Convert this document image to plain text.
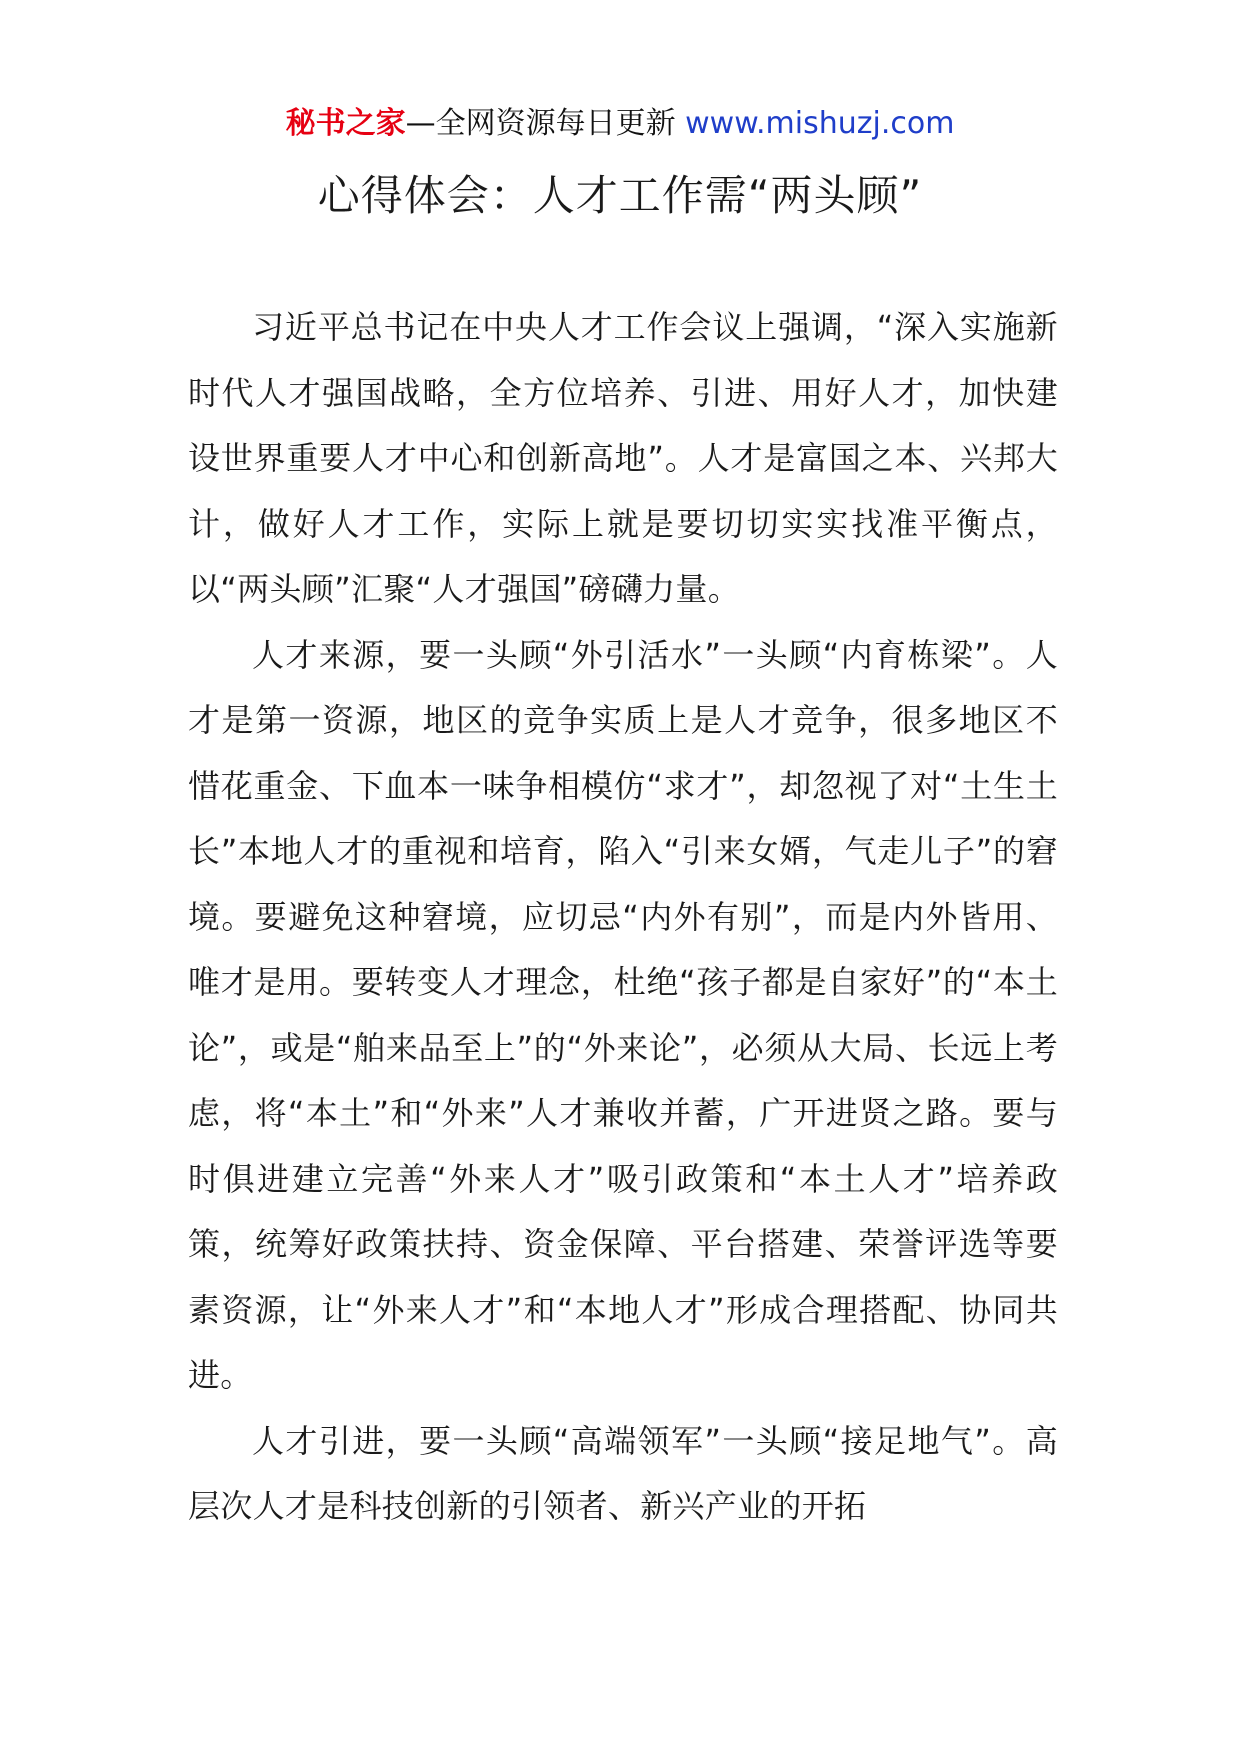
秘书之家—全网资源每日更新 www.mishuzj.com
心得体会：人才工作需“两头顾”

习近平总书记在中央人才工作会议上强调，“深入实施新时代人才强国战略，全方位培养、引进、用好人才，加快建设世界重要人才中心和创新高地”。人才是富国之本、兴邦大计，做好人才工作，实际上就是要切切实实找准平衡点，以“两头顾”汇聚“人才强国”磅礴力量。

人才来源，要一头顾“外引活水”一头顾“内育栋梁”。人才是第一资源，地区的竞争实质上是人才竞争，很多地区不惜花重金、下血本一味争相模仿“求才”，却忽视了对“土生土长”本地人才的重视和培育，陷入“引来女婿，气走儿子”的窘境。要避免这种窘境，应切忌“内外有别”，而是内外皆用、唯才是用。要转变人才理念，杜绝“孩子都是自家好”的“本土论”，或是“舶来品至上”的“外来论”，必须从大局、长远上考虑，将“本土”和“外来”人才兼收并蓄，广开进贤之路。要与时俱进建立完善“外来人才”吸引政策和“本土人才”培养政策，统筹好政策扶持、资金保障、平台搭建、荣誉评选等要素资源，让“外来人才”和“本地人才”形成合理搭配、协同共进。

人才引进，要一头顾“高端领军”一头顾“接足地气”。高层次人才是科技创新的引领者、新兴产业的开拓
